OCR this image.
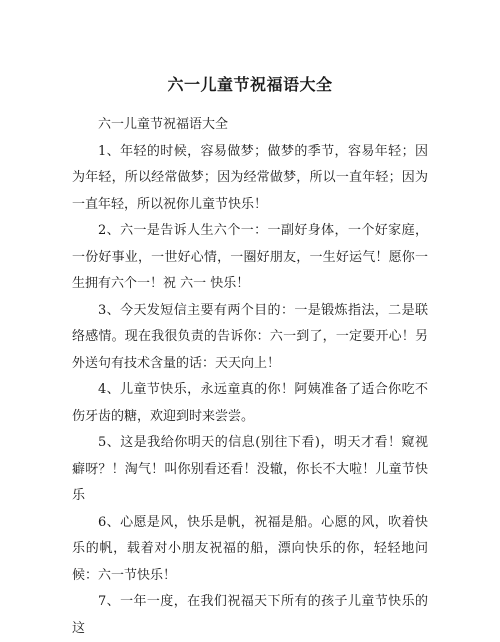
六一儿童节祝福语大全

六一儿童节祝福语大全

1、年轻的时候，容易做梦；做梦的季节，容易年轻；因为年轻，所以经常做梦；因为经常做梦，所以一直年轻；因为一直年轻，所以祝你儿童节快乐！

2、六一是告诉人生六个一：一副好身体，一个好家庭，一份好事业，一世好心情，一圈好朋友，一生好运气！愿你一生拥有六个一！祝 六一 快乐！

3、今天发短信主要有两个目的：一是锻炼指法，二是联络感情。现在我很负责的告诉你：六一到了，一定要开心！另外送句有技术含量的话：天天向上！

4、儿童节快乐，永远童真的你！阿姨准备了适合你吃不伤牙齿的糖，欢迎到时来尝尝。

5、这是我给你明天的信息(别往下看)，明天才看！窥视癖呀？！淘气！叫你别看还看！没辙，你长不大啦！儿童节快乐

6、心愿是风，快乐是帆，祝福是船。心愿的风，吹着快乐的帆，载着对小朋友祝福的船，漂向快乐的你，轻轻地问候：六一节快乐！

7、一年一度，在我们祝福天下所有的孩子儿童节快乐的这
